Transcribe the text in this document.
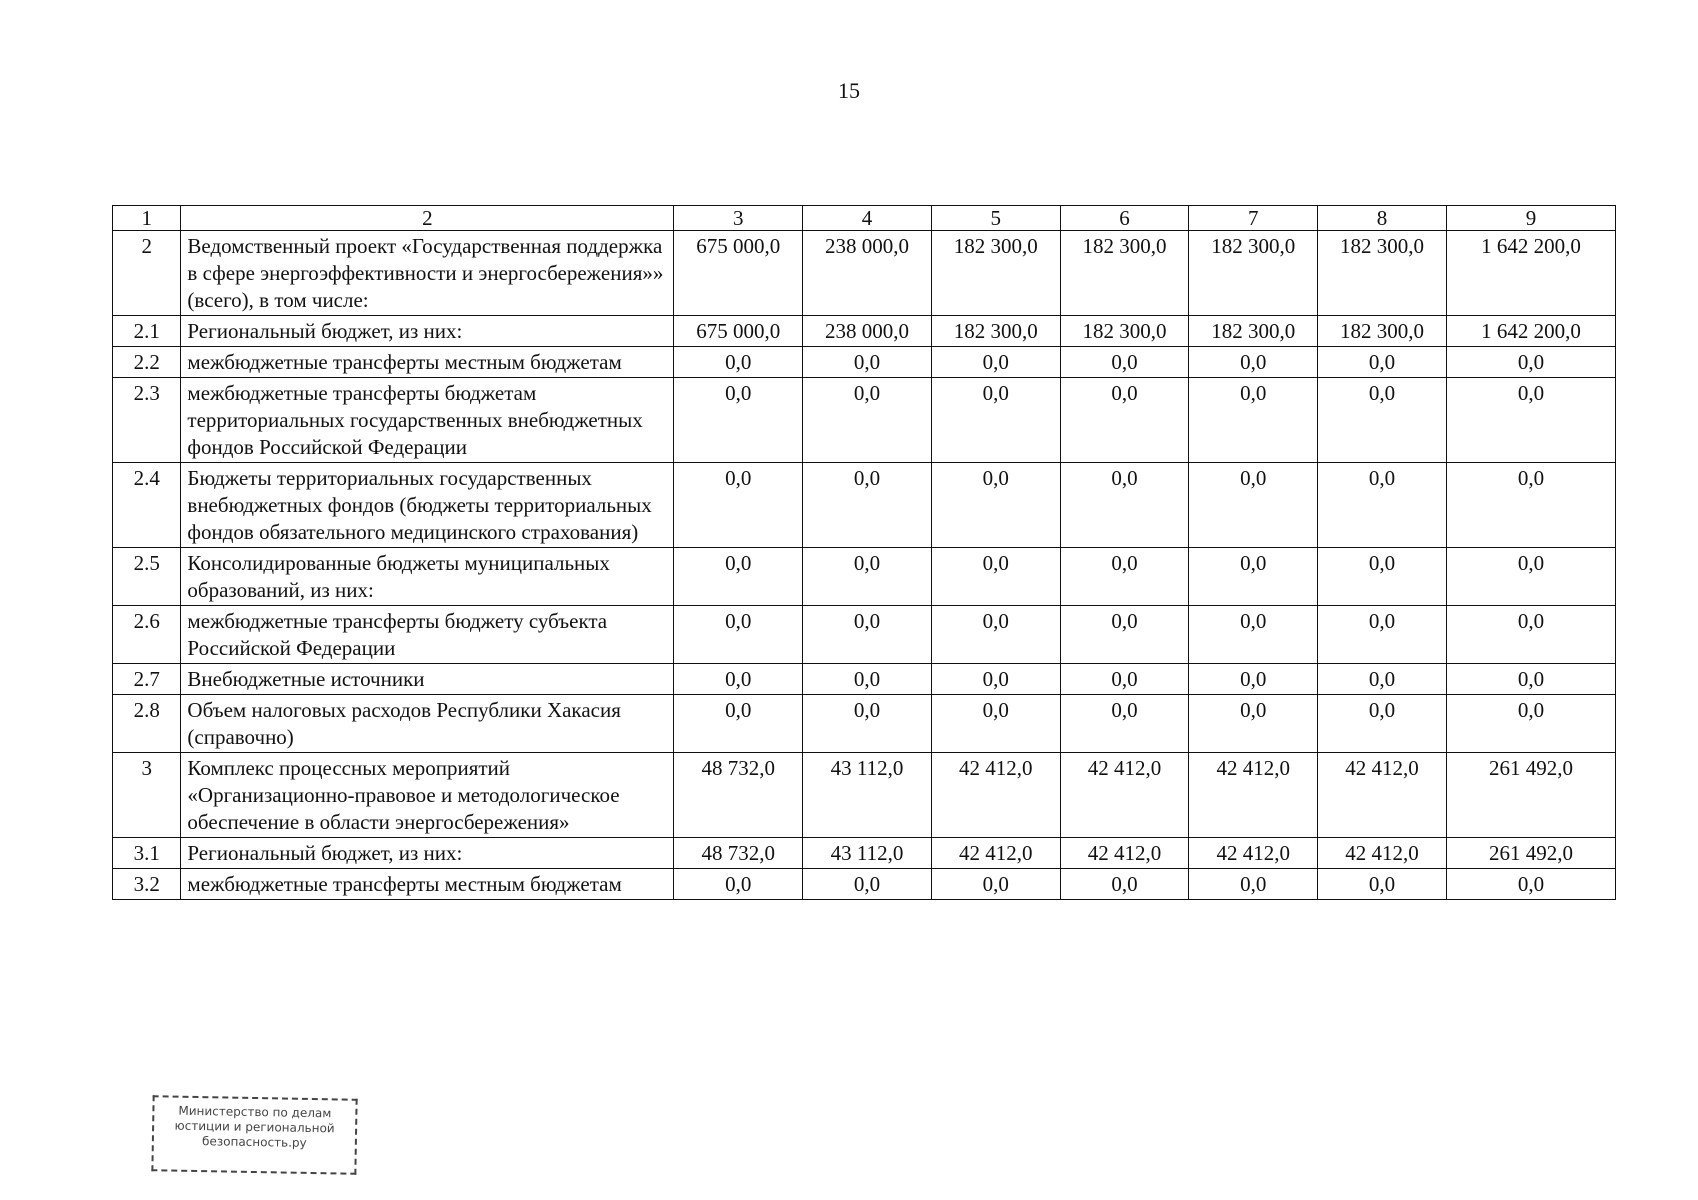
15
1	2	3	4	5	6	7	8	9
2	Ведомственный проект «Государственная поддержка в сфере энергоэффективности и энергосбережения»» (всего), в том числе:	675 000,0	238 000,0	182 300,0	182 300,0	182 300,0	182 300,0	1 642 200,0
2.1	Региональный бюджет, из них:	675 000,0	238 000,0	182 300,0	182 300,0	182 300,0	182 300,0	1 642 200,0
2.2	межбюджетные трансферты местным бюджетам	0,0	0,0	0,0	0,0	0,0	0,0	0,0
2.3	межбюджетные трансферты бюджетам территориальных государственных внебюджетных фондов Российской Федерации	0,0	0,0	0,0	0,0	0,0	0,0	0,0
2.4	Бюджеты территориальных государственных внебюджетных фондов (бюджеты территориальных фондов обязательного медицинского страхования)	0,0	0,0	0,0	0,0	0,0	0,0	0,0
2.5	Консолидированные бюджеты муниципальных образований, из них:	0,0	0,0	0,0	0,0	0,0	0,0	0,0
2.6	межбюджетные трансферты бюджету субъекта Российской Федерации	0,0	0,0	0,0	0,0	0,0	0,0	0,0
2.7	Внебюджетные источники	0,0	0,0	0,0	0,0	0,0	0,0	0,0
2.8	Объем налоговых расходов Республики Хакасия (справочно)	0,0	0,0	0,0	0,0	0,0	0,0	0,0
3	Комплекс процессных мероприятий «Организационно-правовое и методологическое обеспечение в области энергосбережения»	48 732,0	43 112,0	42 412,0	42 412,0	42 412,0	42 412,0	261 492,0
3.1	Региональный бюджет, из них:	48 732,0	43 112,0	42 412,0	42 412,0	42 412,0	42 412,0	261 492,0
3.2	межбюджетные трансферты местным бюджетам	0,0	0,0	0,0	0,0	0,0	0,0	0,0
Министерство по делам
юстиции и региональной
безопасность.ру
